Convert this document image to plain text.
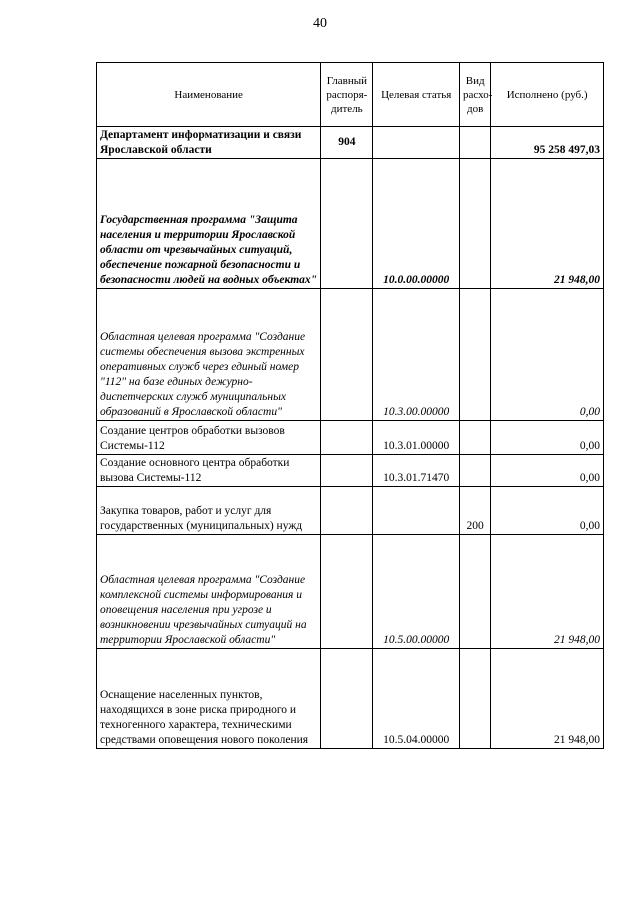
40
Наименование	Главный распоря-дитель	Целевая статья	Вид расхо-дов	Исполнено (руб.)
Департамент информатизации и связи Ярославской области	904			95 258 497,03
Государственная программа "Защита населения и территории Ярославской области от чрезвычайных ситуаций, обеспечение пожарной безопасности и безопасности людей на водных объектах"		10.0.00.00000		21 948,00
Областная целевая программа "Создание системы обеспечения вызова экстренных оперативных служб через единый номер "112" на базе единых дежурно-диспетчерских служб муниципальных образований в Ярославской области"		10.3.00.00000		0,00
Создание центров обработки вызовов Системы-112		10.3.01.00000		0,00
Создание основного центра обработки вызова Системы-112		10.3.01.71470		0,00
Закупка товаров, работ и услуг для государственных (муниципальных) нужд			200	0,00
Областная целевая программа "Создание комплексной системы информирования и оповещения населения при угрозе и возникновении чрезвычайных ситуаций на территории Ярославской области"		10.5.00.00000		21 948,00
Оснащение населенных пунктов, находящихся в зоне риска природного и техногенного характера, техническими средствами оповещения нового поколения		10.5.04.00000		21 948,00
